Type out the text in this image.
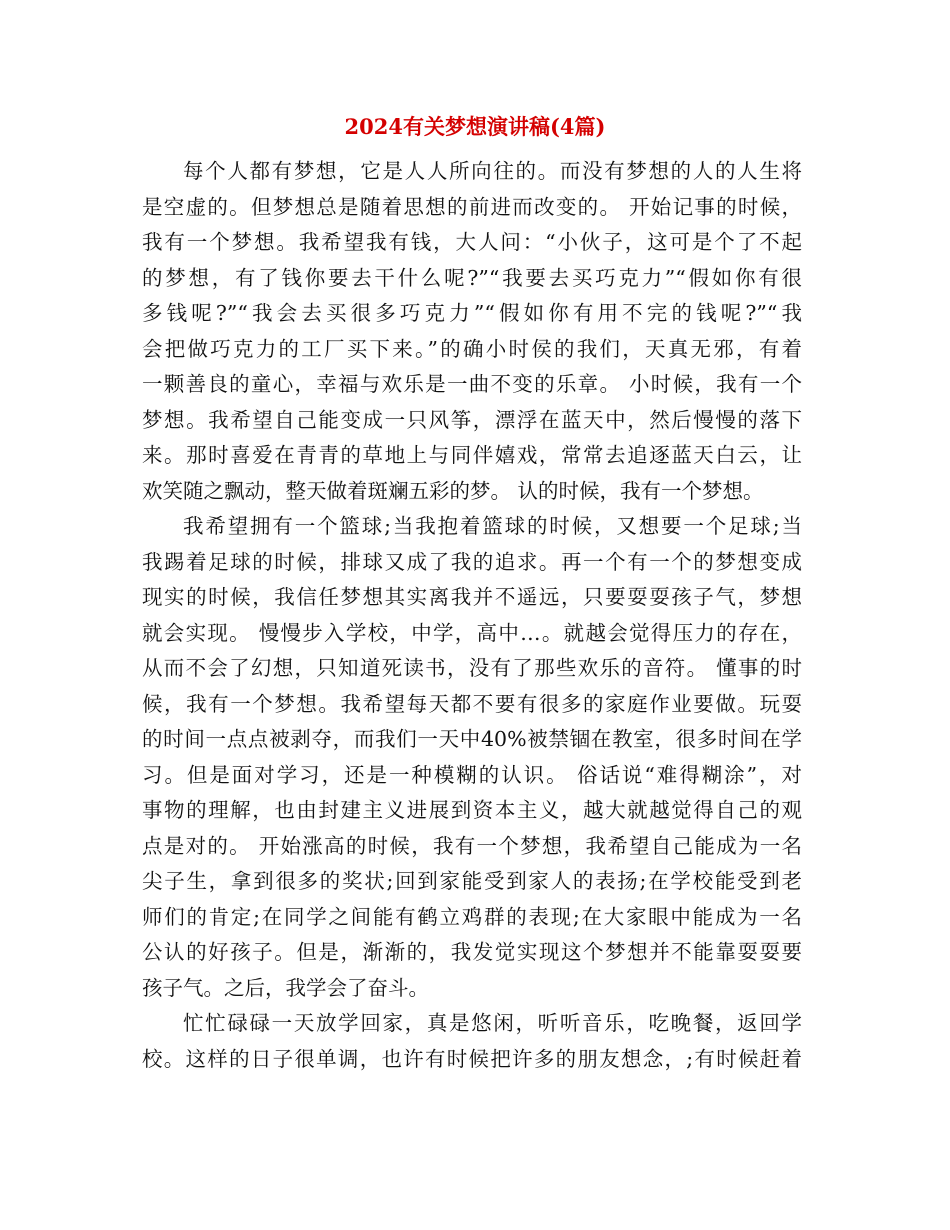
2024有关梦想演讲稿(4篇)

每个人都有梦想，它是人人所向往的。而没有梦想的人的人生将
是空虚的。但梦想总是随着思想的前进而改变的。 开始记事的时候，
我有一个梦想。我希望我有钱，大人问：“小伙子，这可是个了不起
的梦想，有了钱你要去干什么呢?”“我要去买巧克力”“假如你有很
多钱呢?”“我会去买很多巧克力”“假如你有用不完的钱呢?”“我
会把做巧克力的工厂买下来。”的确小时侯的我们，天真无邪，有着
一颗善良的童心，幸福与欢乐是一曲不变的乐章。 小时候，我有一个
梦想。我希望自己能变成一只风筝，漂浮在蓝天中，然后慢慢的落下
来。那时喜爱在青青的草地上与同伴嬉戏，常常去追逐蓝天白云，让
欢笑随之飘动，整天做着斑斓五彩的梦。 认的时候，我有一个梦想。

我希望拥有一个篮球;当我抱着篮球的时候，又想要一个足球;当
我踢着足球的时候，排球又成了我的追求。再一个有一个的梦想变成
现实的时候，我信任梦想其实离我并不遥远，只要耍耍孩子气，梦想
就会实现。 慢慢步入学校，中学，高中…。就越会觉得压力的存在，
从而不会了幻想，只知道死读书，没有了那些欢乐的音符。 懂事的时
候，我有一个梦想。我希望每天都不要有很多的家庭作业要做。玩耍
的时间一点点被剥夺，而我们一天中40%被禁锢在教室，很多时间在学
习。但是面对学习，还是一种模糊的认识。 俗话说“难得糊涂”，对
事物的理解，也由封建主义进展到资本主义，越大就越觉得自己的观
点是对的。 开始涨高的时候，我有一个梦想，我希望自己能成为一名
尖子生，拿到很多的奖状;回到家能受到家人的表扬;在学校能受到老
师们的肯定;在同学之间能有鹤立鸡群的表现;在大家眼中能成为一名
公认的好孩子。但是，渐渐的，我发觉实现这个梦想并不能靠耍耍要
孩子气。之后，我学会了奋斗。

忙忙碌碌一天放学回家，真是悠闲，听听音乐，吃晚餐，返回学
校。这样的日子很单调，也许有时候把许多的朋友想念，;有时候赶着
